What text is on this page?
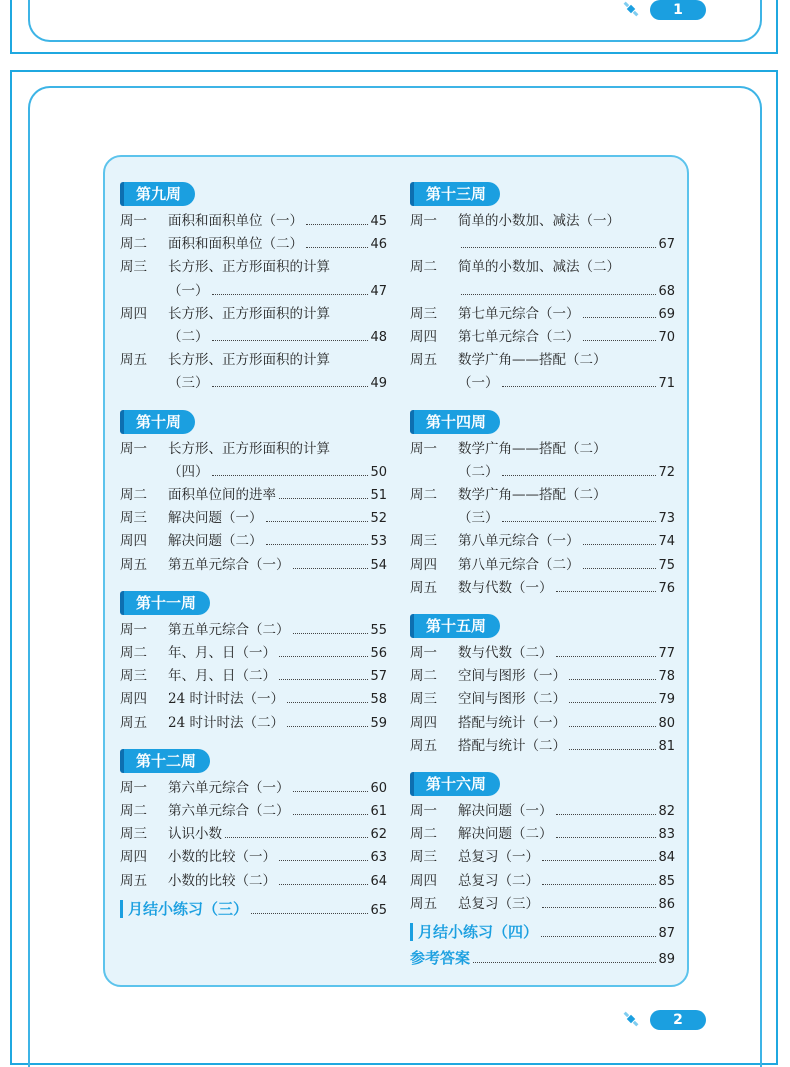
1
第九周
周一	面积和面积单位（一）	45
周二	面积和面积单位（二）	46
周三	长方形、正方形面积的计算
（一）	47
周四	长方形、正方形面积的计算
（二）	48
周五	长方形、正方形面积的计算
（三）	49
第十周
周一	长方形、正方形面积的计算
（四）	50
周二	面积单位间的进率	51
周三	解决问题（一）	52
周四	解决问题（二）	53
周五	第五单元综合（一）	54
第十一周
周一	第五单元综合（二）	55
周二	年、月、日（一）	56
周三	年、月、日（二）	57
周四	24 时计时法（一）	58
周五	24 时计时法（二）	59
第十二周
周一	第六单元综合（一）	60
周二	第六单元综合（二）	61
周三	认识小数	62
周四	小数的比较（一）	63
周五	小数的比较（二）	64
月结小练习（三）	65
第十三周
周一	简单的小数加、减法（一）
67
周二	简单的小数加、减法（二）
68
周三	第七单元综合（一）	69
周四	第七单元综合（二）	70
周五	数学广角——搭配（二）
（一）	71
第十四周
周一	数学广角——搭配（二）
（二）	72
周二	数学广角——搭配（二）
（三）	73
周三	第八单元综合（一）	74
周四	第八单元综合（二）	75
周五	数与代数（一）	76
第十五周
周一	数与代数（二）	77
周二	空间与图形（一）	78
周三	空间与图形（二）	79
周四	搭配与统计（一）	80
周五	搭配与统计（二）	81
第十六周
周一	解决问题（一）	82
周二	解决问题（二）	83
周三	总复习（一）	84
周四	总复习（二）	85
周五	总复习（三）	86
月结小练习（四）	87
参考答案	89
2
